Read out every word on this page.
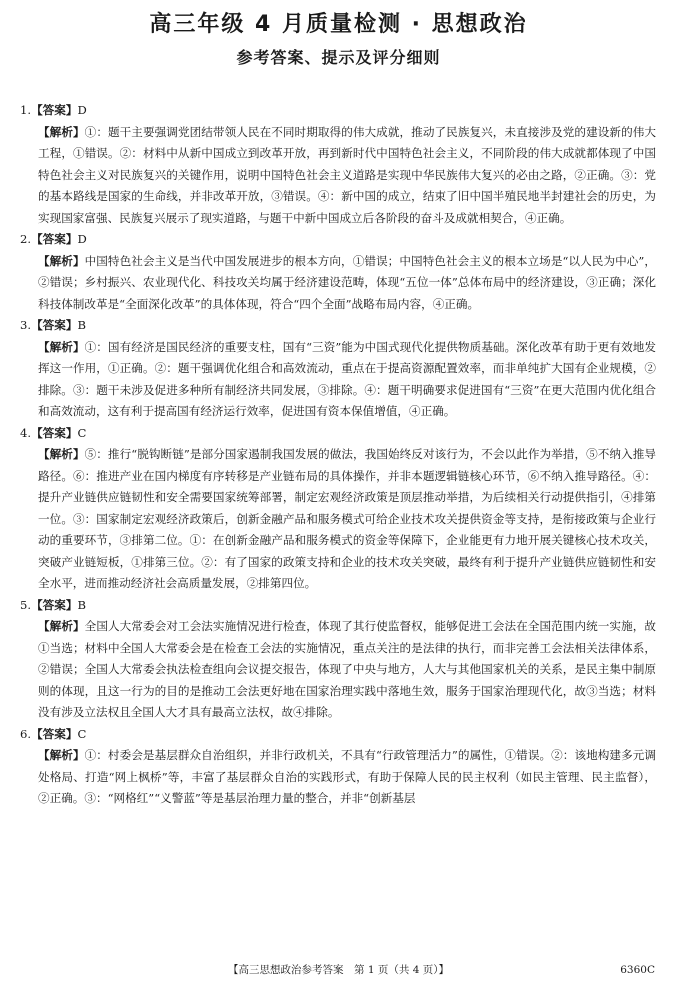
高三年级 4 月质量检测 · 思想政治
参考答案、提示及评分细则
1.【答案】D
【解析】①：题干主要强调党团结带领人民在不同时期取得的伟大成就，推动了民族复兴，未直接涉及党的建设新的伟大工程，①错误。②：材料中从新中国成立到改革开放，再到新时代中国特色社会主义，不同阶段的伟大成就都体现了中国特色社会主义对民族复兴的关键作用，说明中国特色社会主义道路是实现中华民族伟大复兴的必由之路，②正确。③：党的基本路线是国家的生命线，并非改革开放，③错误。④：新中国的成立，结束了旧中国半殖民地半封建社会的历史，为实现国家富强、民族复兴展示了现实道路，与题干中新中国成立后各阶段的奋斗及成就相契合，④正确。
2.【答案】D
【解析】中国特色社会主义是当代中国发展进步的根本方向，①错误；中国特色社会主义的根本立场是“以人民为中心”，②错误；乡村振兴、农业现代化、科技攻关均属于经济建设范畴，体现“五位一体”总体布局中的经济建设，③正确；深化科技体制改革是“全面深化改革”的具体体现，符合“四个全面”战略布局内容，④正确。
3.【答案】B
【解析】①：国有经济是国民经济的重要支柱，国有“三资”能为中国式现代化提供物质基础。深化改革有助于更有效地发挥这一作用，①正确。②：题干强调优化组合和高效流动，重点在于提高资源配置效率，而非单纯扩大国有企业规模，②排除。③：题干未涉及促进多种所有制经济共同发展，③排除。④：题干明确要求促进国有“三资”在更大范围内优化组合和高效流动，这有利于提高国有经济运行效率，促进国有资本保值增值，④正确。
4.【答案】C
【解析】⑤：推行“脱钩断链”是部分国家遏制我国发展的做法，我国始终反对该行为，不会以此作为举措，⑤不纳入推导路径。⑥：推进产业在国内梯度有序转移是产业链布局的具体操作，并非本题逻辑链核心环节，⑥不纳入推导路径。④：提升产业链供应链韧性和安全需要国家统筹部署，制定宏观经济政策是顶层推动举措，为后续相关行动提供指引，④排第一位。③：国家制定宏观经济政策后，创新金融产品和服务模式可给企业技术攻关提供资金等支持，是衔接政策与企业行动的重要环节，③排第二位。①：在创新金融产品和服务模式的资金等保障下，企业能更有力地开展关键核心技术攻关，突破产业链短板，①排第三位。②：有了国家的政策支持和企业的技术攻关突破，最终有利于提升产业链供应链韧性和安全水平，进而推动经济社会高质量发展，②排第四位。
5.【答案】B
【解析】全国人大常委会对工会法实施情况进行检查，体现了其行使监督权，能够促进工会法在全国范围内统一实施，故①当选；材料中全国人大常委会是在检查工会法的实施情况，重点关注的是法律的执行，而非完善工会法相关法律体系，②错误；全国人大常委会执法检查组向会议提交报告，体现了中央与地方，人大与其他国家机关的关系，是民主集中制原则的体现，且这一行为的目的是推动工会法更好地在国家治理实践中落地生效，服务于国家治理现代化，故③当选；材料没有涉及立法权且全国人大才具有最高立法权，故④排除。
6.【答案】C
【解析】①：村委会是基层群众自治组织，并非行政机关，不具有“行政管理活力”的属性，①错误。②：该地构建多元调处格局、打造“网上枫桥”等，丰富了基层群众自治的实践形式，有助于保障人民的民主权利（如民主管理、民主监督），②正确。③：“网格红”“义警蓝”等是基层治理力量的整合，并非“创新基层
【高三思想政治参考答案　第 1 页（共 4 页）】	6360C
